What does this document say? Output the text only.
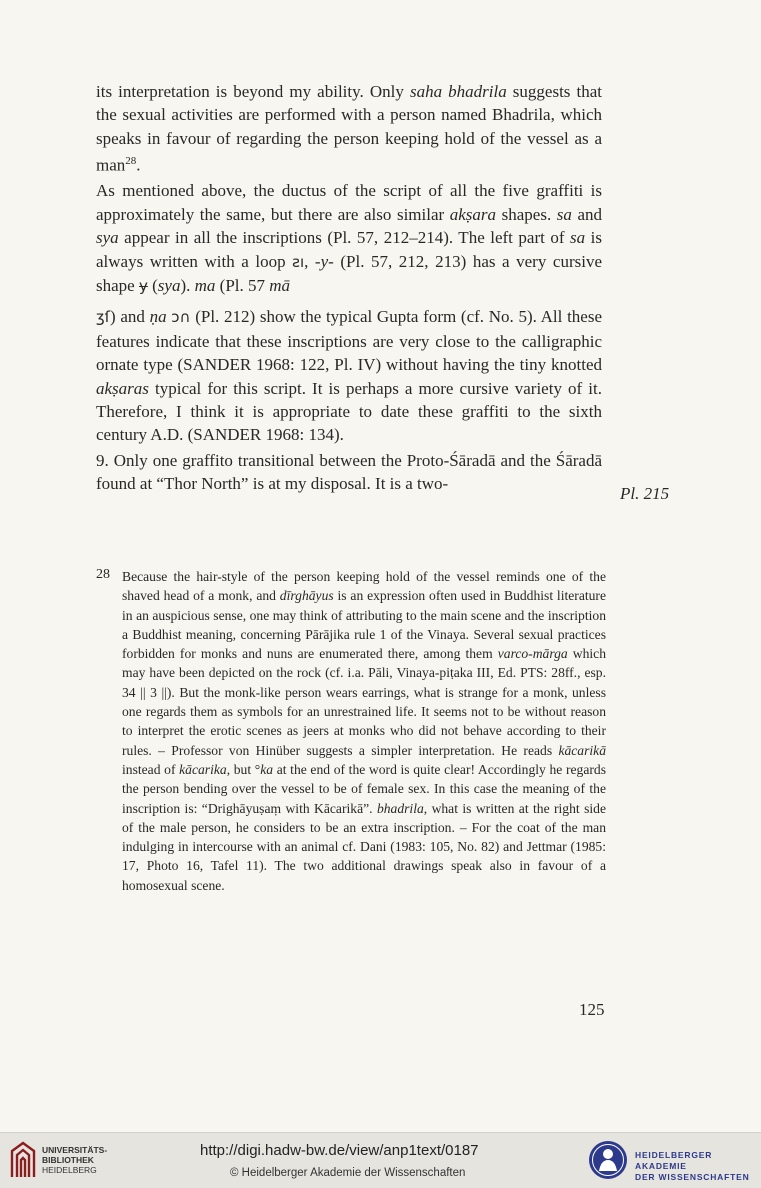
its interpretation is beyond my ability. Only saha bhadrila suggests that the sexual activities are performed with a person named Bhadrila, which speaks in favour of regarding the person keeping hold of the vessel as a man$^{28}$.

As mentioned above, the ductus of the script of all the five graffiti is approximately the same, but there are also similar akṣara shapes. sa and sya appear in all the inscriptions (Pl. 57, 212–214). The left part of sa is always written with a loop ƨı, -y- (Pl. 57, 212, 213) has a very cursive shape ɏ (sya). ma (Pl. 57 mā
ʒſ) and ṇa ↄ∩ (Pl. 212) show the typical Gupta form (cf. No. 5). All these features indicate that these inscriptions are very close to the calligraphic ornate type (SANDER 1968: 122, Pl. IV) without having the tiny knotted akṣaras typical for this script. It is perhaps a more cursive variety of it. Therefore, I think it is appropriate to date these graffiti to the sixth century A.D. (SANDER 1968: 134).

9. Only one graffito transitional between the Proto-Śāradā and the Śāradā found at “Thor North” is at my disposal. It is a two-

Pl. 215
28 Because the hair-style of the person keeping hold of the vessel reminds one of the shaved head of a monk, and dīrghāyus is an expression often used in Buddhist literature in an auspicious sense, one may think of attributing to the main scene and the inscription a Buddhist meaning, concerning Pārājika rule 1 of the Vinaya. Several sexual practices forbidden for monks and nuns are enumerated there, among them varco-mārga which may have been depicted on the rock (cf. i.a. Pāli, Vinaya-piṭaka III, Ed. PTS: 28ff., esp. 34 || 3 ||). But the monk-like person wears earrings, what is strange for a monk, unless one regards them as symbols for an unrestrained life. It seems not to be without reason to interpret the erotic scenes as jeers at monks who did not behave according to their rules. – Professor von Hinüber suggests a simpler interpretation. He reads kācarikā instead of kācarika, but °ka at the end of the word is quite clear! Accordingly he regards the person bending over the vessel to be of female sex. In this case the meaning of the inscription is: “Drighāyuṣaṃ with Kācarikā”. bhadrila, what is written at the right side of the male person, he considers to be an extra inscription. – For the coat of the man indulging in intercourse with an animal cf. Dani (1983: 105, No. 82) and Jettmar (1985: 17, Photo 16, Tafel 11). The two additional drawings speak also in favour of a homosexual scene.
125
UNIVERSITÄTS-
BIBLIOTHEK
HEIDELBERG
http://digi.hadw-bw.de/view/anp1text/0187
© Heidelberger Akademie der Wissenschaften
HEIDELBERGER AKADEMIE
DER WISSENSCHAFTEN
